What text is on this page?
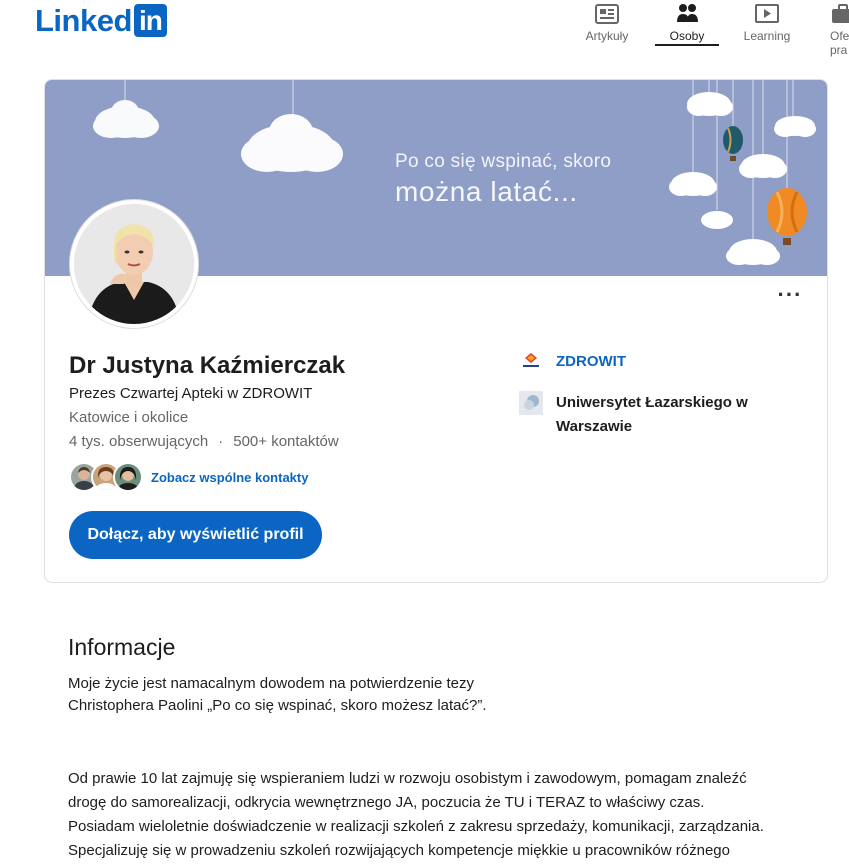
Linked in	Artykuły	Osoby	Learning	Ofe
pra
Po co się wspinać, skoro
można latać...
···
Dr Justyna Kaźmierczak
Prezes Czwartej Apteki w ZDROWIT
Katowice i okolice
4 tys. obserwujących · 500+ kontaktów
Zobacz wspólne kontakty
Dołącz, aby wyświetlić profil
ZDROWIT
Uniwersytet Łazarskiego w Warszawie
Informacje
Moje życie jest namacalnym dowodem na potwierdzenie tezy
Christophera Paolini „Po co się wspinać, skoro możesz latać?”.
Od prawie 10 lat zajmuję się wspieraniem ludzi w rozwoju osobistym i zawodowym, pomagam znaleźć
drogę do samorealizacji, odkrycia wewnętrznego JA, poczucia że TU i TERAZ to właściwy czas.
Posiadam wieloletnie doświadczenie w realizacji szkoleń z zakresu sprzedaży, komunikacji, zarządzania.
Specjalizuję się w prowadzeniu szkoleń rozwijających kompetencje miękkie u pracowników różnego
